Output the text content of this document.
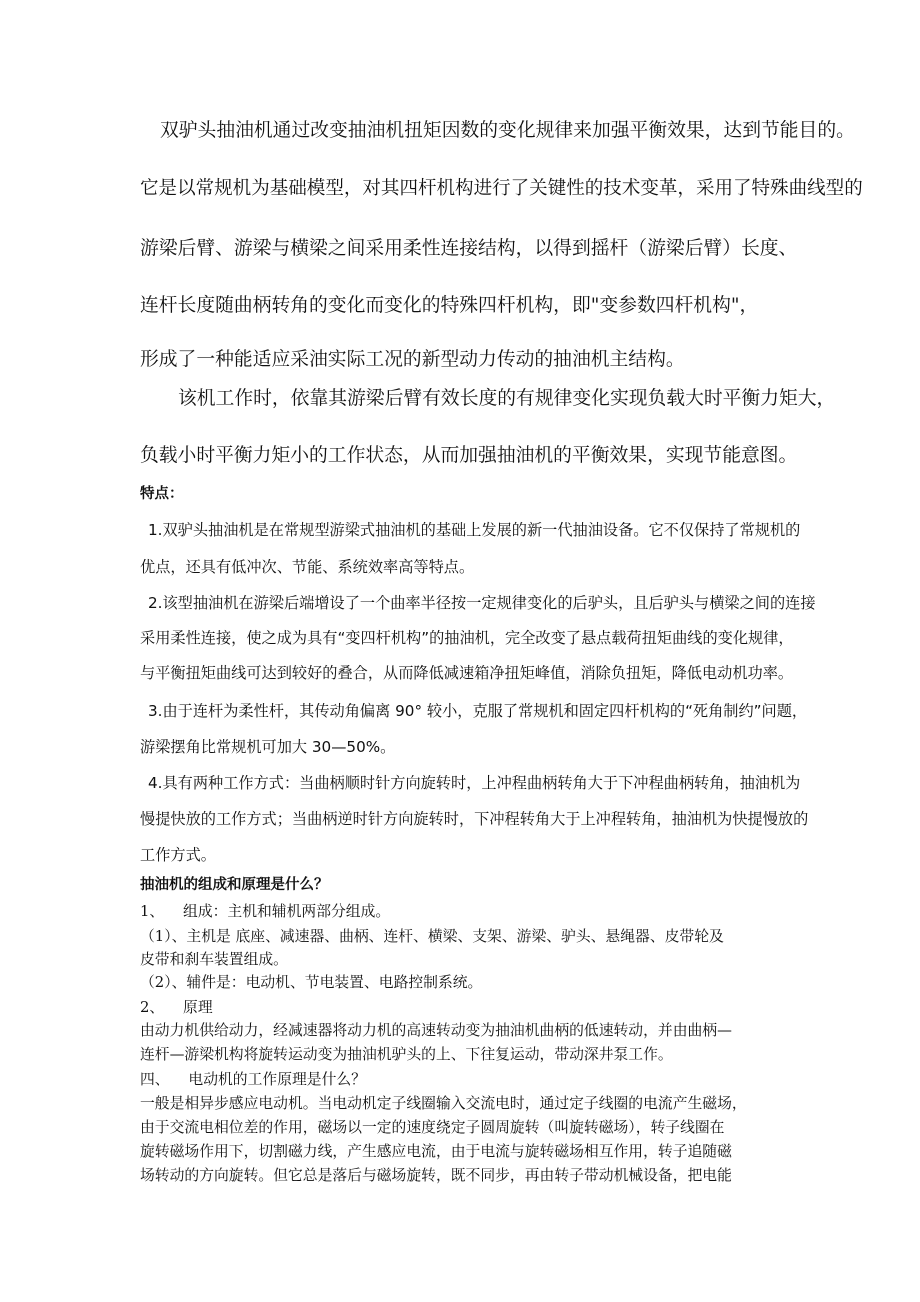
双驴头抽油机通过改变抽油机扭矩因数的变化规律来加强平衡效果，达到节能目的。

它是以常规机为基础模型，对其四杆机构进行了关键性的技术变革，采用了特殊曲线型的

游梁后臂、游梁与横梁之间采用柔性连接结构，以得到摇杆（游梁后臂）长度、

连杆长度随曲柄转角的变化而变化的特殊四杆机构，即"变参数四杆机构"，

形成了一种能适应采油实际工况的新型动力传动的抽油机主结构。

该机工作时，依靠其游梁后臂有效长度的有规律变化实现负载大时平衡力矩大，

负载小时平衡力矩小的工作状态，从而加强抽油机的平衡效果，实现节能意图。

特点：

1.双驴头抽油机是在常规型游梁式抽油机的基础上发展的新一代抽油设备。它不仅保持了常规机的

优点，还具有低冲次、节能、系统效率高等特点。

2.该型抽油机在游梁后端增设了一个曲率半径按一定规律变化的后驴头，且后驴头与横梁之间的连接

采用柔性连接，使之成为具有“变四杆机构”的抽油机，完全改变了悬点载荷扭矩曲线的变化规律，

与平衡扭矩曲线可达到较好的叠合，从而降低减速箱净扭矩峰值，消除负扭矩，降低电动机功率。

3.由于连杆为柔性杆，其传动角偏离 90° 较小，克服了常规机和固定四杆机构的“死角制约”问题，

游梁摆角比常规机可加大 30—50%。

4.具有两种工作方式：当曲柄顺时针方向旋转时，上冲程曲柄转角大于下冲程曲柄转角，抽油机为

慢提快放的工作方式；当曲柄逆时针方向旋转时，下冲程转角大于上冲程转角，抽油机为快提慢放的

工作方式。

抽油机的组成和原理是什么？

1、    组成：主机和辅机两部分组成。

（1）、主机是 底座、减速器、曲柄、连杆、横梁、支架、游梁、驴头、悬绳器、皮带轮及

皮带和刹车装置组成。

（2）、辅件是：电动机、节电装置、电路控制系统。

2、    原理

由动力机供给动力，经减速器将动力机的高速转动变为抽油机曲柄的低速转动，并由曲柄—

连杆—游梁机构将旋转运动变为抽油机驴头的上、下往复运动，带动深井泵工作。

四、    电动机的工作原理是什么？

一般是相异步感应电动机。当电动机定子线圈输入交流电时，通过定子线圈的电流产生磁场，

由于交流电相位差的作用，磁场以一定的速度绕定子圆周旋转（叫旋转磁场），转子线圈在

旋转磁场作用下，切割磁力线，产生感应电流，由于电流与旋转磁场相互作用，转子追随磁

场转动的方向旋转。但它总是落后与磁场旋转，既不同步，再由转子带动机械设备，把电能
